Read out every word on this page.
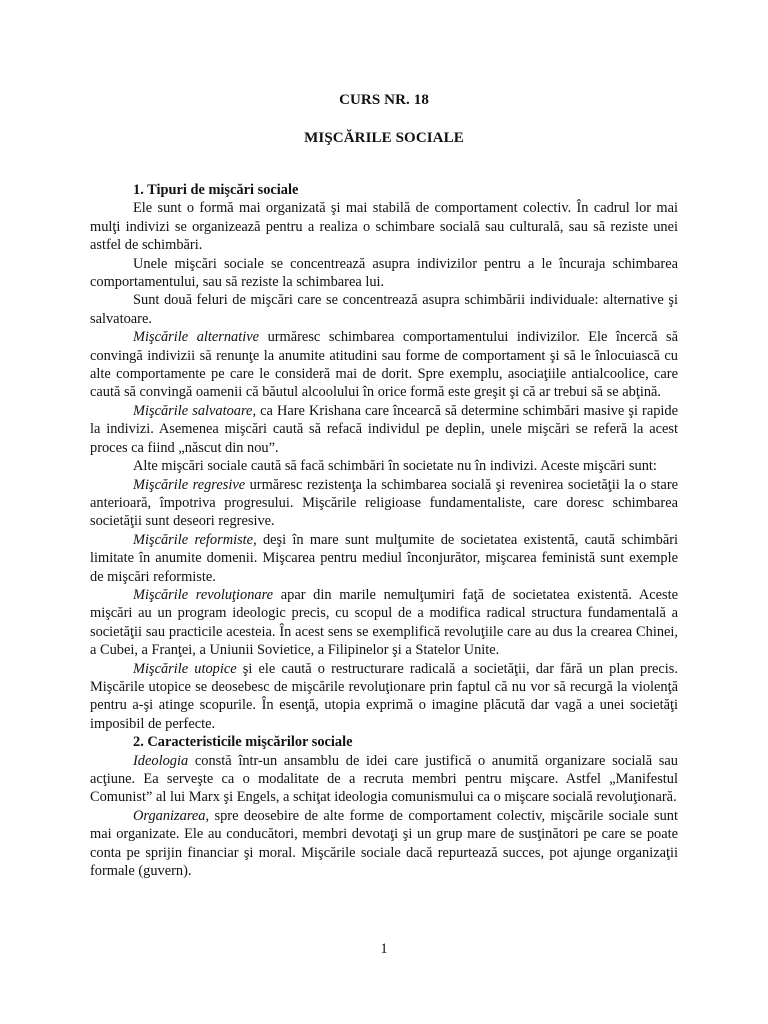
CURS NR. 18
MIŞCĂRILE SOCIALE

1. Tipuri de mişcări sociale

Ele sunt o formă mai organizată şi mai stabilă de comportament colectiv. În cadrul lor mai mulţi indivizi se organizează pentru a realiza o schimbare socială sau culturală, sau să reziste unei astfel de schimbări.

Unele mişcări sociale se concentrează asupra indivizilor pentru a le încuraja schimbarea comportamentului, sau să reziste la schimbarea lui.

Sunt două feluri de mişcări care se concentrează asupra schimbării individuale: alternative şi salvatoare.

Mişcările alternative urmăresc schimbarea comportamentului indivizilor. Ele încercă să convingă indivizii să renunţe la anumite atitudini sau forme de comportament şi să le înlocuiască cu alte comportamente pe care le consideră mai de dorit. Spre exemplu, asociaţiile antialcoolice, care caută să convingă oamenii că băutul alcoolului în orice formă este greşit şi că ar trebui să se abţină.

Mişcările salvatoare, ca Hare Krishana care încearcă să determine schimbări masive şi rapide la indivizi. Asemenea mişcări caută să refacă individul pe deplin, unele mişcări se referă la acest proces ca fiind „născut din nou”.

Alte mişcări sociale caută să facă schimbări în societate nu în indivizi. Aceste mişcări sunt:

Mişcările regresive urmăresc rezistenţa la schimbarea socială şi revenirea societăţii la o stare anterioară, împotriva progresului. Mişcările religioase fundamentaliste, care doresc schimbarea societăţii sunt deseori regresive.

Mişcările reformiste, deşi în mare sunt mulţumite de societatea existentă, caută schimbări limitate în anumite domenii. Mişcarea pentru mediul înconjurător, mişcarea feministă sunt exemple de mişcări reformiste.

Mişcările revoluţionare apar din marile nemulţumiri faţă de societatea existentă. Aceste mişcări au un program ideologic precis, cu scopul de a modifica radical structura fundamentală a societăţii sau practicile acesteia. În acest sens se exemplifică revoluţiile care au dus la crearea Chinei, a Cubei, a Franţei, a Uniunii Sovietice, a Filipinelor şi a Statelor Unite.

Mişcările utopice şi ele caută o restructurare radicală a societăţii, dar fără un plan precis. Mişcările utopice se deosebesc de mişcările revoluţionare prin faptul că nu vor să recurgă la violenţă pentru a-şi atinge scopurile. În esenţă, utopia exprimă o imagine plăcută dar vagă a unei societăţi imposibil de perfecte.

2. Caracteristicile mişcărilor sociale

Ideologia constă într-un ansamblu de idei care justifică o anumită organizare socială sau acţiune. Ea serveşte ca o modalitate de a recruta membri pentru mişcare. Astfel „Manifestul Comunist” al lui Marx şi Engels, a schiţat ideologia comunismului ca o mişcare socială revoluţionară.

Organizarea, spre deosebire de alte forme de comportament colectiv, mişcările sociale sunt mai organizate. Ele au conducători, membri devotaţi şi un grup mare de susţinători pe care se poate conta pe sprijin financiar şi moral. Mişcările sociale dacă repurtează succes, pot ajunge organizaţii formale (guvern).

1
